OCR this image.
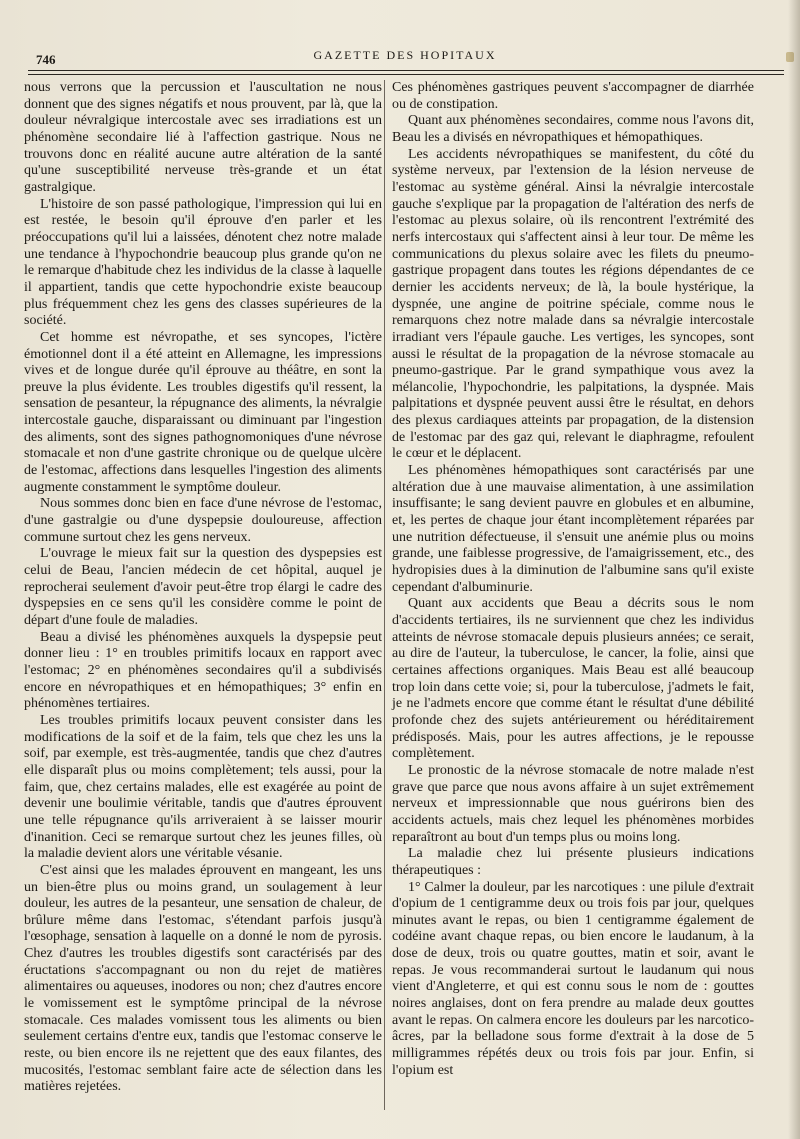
746	GAZETTE DES HOPITAUX

nous verrons que la percussion et l'auscultation ne nous donnent que des signes négatifs et nous prouvent, par là, que la douleur névralgique intercostale avec ses irradiations est un phénomène secondaire lié à l'affection gastrique. Nous ne trouvons donc en réalité aucune autre altération de la santé qu'une susceptibilité nerveuse très-grande et un état gastralgique.

L'histoire de son passé pathologique, l'impression qui lui en est restée, le besoin qu'il éprouve d'en parler et les préoccupations qu'il lui a laissées, dénotent chez notre malade une tendance à l'hypochondrie beaucoup plus grande qu'on ne le remarque d'habitude chez les individus de la classe à laquelle il appartient, tandis que cette hypochondrie existe beaucoup plus fréquemment chez les gens des classes supérieures de la société.

Cet homme est névropathe, et ses syncopes, l'ictère émotionnel dont il a été atteint en Allemagne, les impressions vives et de longue durée qu'il éprouve au théâtre, en sont la preuve la plus évidente. Les troubles digestifs qu'il ressent, la sensation de pesanteur, la répugnance des aliments, la névralgie intercostale gauche, disparaissant ou diminuant par l'ingestion des aliments, sont des signes pathognomoniques d'une névrose stomacale et non d'une gastrite chronique ou de quelque ulcère de l'estomac, affections dans lesquelles l'ingestion des aliments augmente constamment le symptôme douleur.

Nous sommes donc bien en face d'une névrose de l'estomac, d'une gastralgie ou d'une dyspepsie douloureuse, affection commune surtout chez les gens nerveux.

L'ouvrage le mieux fait sur la question des dyspepsies est celui de Beau, l'ancien médecin de cet hôpital, auquel je reprocherai seulement d'avoir peut-être trop élargi le cadre des dyspepsies en ce sens qu'il les considère comme le point de départ d'une foule de maladies.

Beau a divisé les phénomènes auxquels la dyspepsie peut donner lieu : 1° en troubles primitifs locaux en rapport avec l'estomac; 2° en phénomènes secondaires qu'il a subdivisés encore en névropathiques et en hémopathiques; 3° enfin en phénomènes tertiaires.

Les troubles primitifs locaux peuvent consister dans les modifications de la soif et de la faim, tels que chez les uns la soif, par exemple, est très-augmentée, tandis que chez d'autres elle disparaît plus ou moins complètement; tels aussi, pour la faim, que, chez certains malades, elle est exagérée au point de devenir une boulimie véritable, tandis que d'autres éprouvent une telle répugnance qu'ils arriveraient à se laisser mourir d'inanition. Ceci se remarque surtout chez les jeunes filles, où la maladie devient alors une véritable vésanie.

C'est ainsi que les malades éprouvent en mangeant, les uns un bien-être plus ou moins grand, un soulagement à leur douleur, les autres de la pesanteur, une sensation de chaleur, de brûlure même dans l'estomac, s'étendant parfois jusqu'à l'œsophage, sensation à laquelle on a donné le nom de pyrosis. Chez d'autres les troubles digestifs sont caractérisés par des éructations s'accompagnant ou non du rejet de matières alimentaires ou aqueuses, inodores ou non; chez d'autres encore le vomissement est le symptôme principal de la névrose stomacale. Ces malades vomissent tous les aliments ou bien seulement certains d'entre eux, tandis que l'estomac conserve le reste, ou bien encore ils ne rejettent que des eaux filantes, des mucosités, l'estomac semblant faire acte de sélection dans les matières rejetées.

Ces phénomènes gastriques peuvent s'accompagner de diarrhée ou de constipation.

Quant aux phénomènes secondaires, comme nous l'avons dit, Beau les a divisés en névropathiques et hémopathiques.

Les accidents névropathiques se manifestent, du côté du système nerveux, par l'extension de la lésion nerveuse de l'estomac au système général. Ainsi la névralgie intercostale gauche s'explique par la propagation de l'altération des nerfs de l'estomac au plexus solaire, où ils rencontrent l'extrémité des nerfs intercostaux qui s'affectent ainsi à leur tour. De même les communications du plexus solaire avec les filets du pneumo-gastrique propagent dans toutes les régions dépendantes de ce dernier les accidents nerveux; de là, la boule hystérique, la dyspnée, une angine de poitrine spéciale, comme nous le remarquons chez notre malade dans sa névralgie intercostale irradiant vers l'épaule gauche. Les vertiges, les syncopes, sont aussi le résultat de la propagation de la névrose stomacale au pneumo-gastrique. Par le grand sympathique vous avez la mélancolie, l'hypochondrie, les palpitations, la dyspnée. Mais palpitations et dyspnée peuvent aussi être le résultat, en dehors des plexus cardiaques atteints par propagation, de la distension de l'estomac par des gaz qui, relevant le diaphragme, refoulent le cœur et le déplacent.

Les phénomènes hémopathiques sont caractérisés par une altération due à une mauvaise alimentation, à une assimilation insuffisante; le sang devient pauvre en globules et en albumine, et, les pertes de chaque jour étant incomplètement réparées par une nutrition défectueuse, il s'ensuit une anémie plus ou moins grande, une faiblesse progressive, de l'amaigrissement, etc., des hydropisies dues à la diminution de l'albumine sans qu'il existe cependant d'albuminurie.

Quant aux accidents que Beau a décrits sous le nom d'accidents tertiaires, ils ne surviennent que chez les individus atteints de névrose stomacale depuis plusieurs années; ce serait, au dire de l'auteur, la tuberculose, le cancer, la folie, ainsi que certaines affections organiques. Mais Beau est allé beaucoup trop loin dans cette voie; si, pour la tuberculose, j'admets le fait, je ne l'admets encore que comme étant le résultat d'une débilité profonde chez des sujets antérieurement ou héréditairement prédisposés. Mais, pour les autres affections, je le repousse complètement.

Le pronostic de la névrose stomacale de notre malade n'est grave que parce que nous avons affaire à un sujet extrêmement nerveux et impressionnable que nous guérirons bien des accidents actuels, mais chez lequel les phénomènes morbides reparaîtront au bout d'un temps plus ou moins long.

La maladie chez lui présente plusieurs indications thérapeutiques :

1° Calmer la douleur, par les narcotiques : une pilule d'extrait d'opium de 1 centigramme deux ou trois fois par jour, quelques minutes avant le repas, ou bien 1 centigramme également de codéine avant chaque repas, ou bien encore le laudanum, à la dose de deux, trois ou quatre gouttes, matin et soir, avant le repas. Je vous recommanderai surtout le laudanum qui nous vient d'Angleterre, et qui est connu sous le nom de : gouttes noires anglaises, dont on fera prendre au malade deux gouttes avant le repas. On calmera encore les douleurs par les narcotico-âcres, par la belladone sous forme d'extrait à la dose de 5 milligrammes répétés deux ou trois fois par jour. Enfin, si l'opium est
